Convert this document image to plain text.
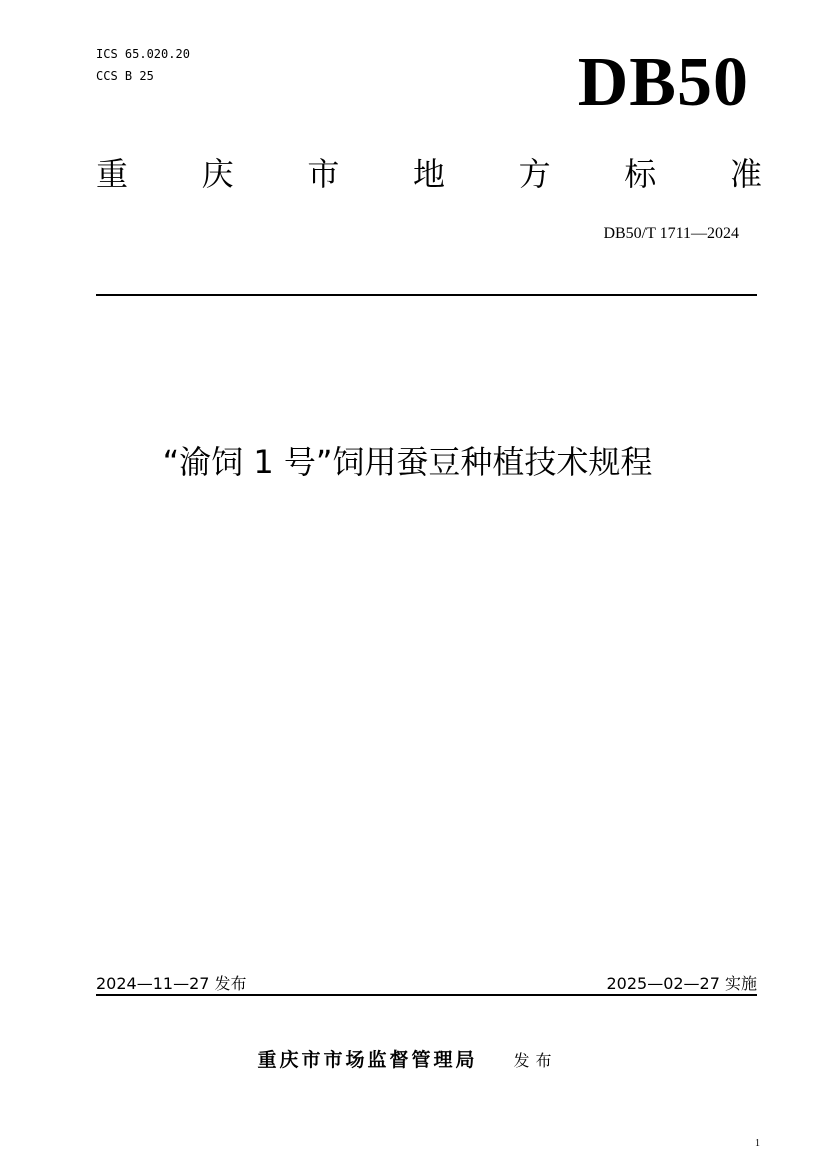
ICS 65.020.20
CCS B 25	DB50
重 庆 市 地 方 标 准
DB50/T 1711—2024
“渝饲 1 号”饲用蚕豆种植技术规程
2024—11—27 发布	2025—02—27 实施
重庆市市场监督管理局 发布
1
